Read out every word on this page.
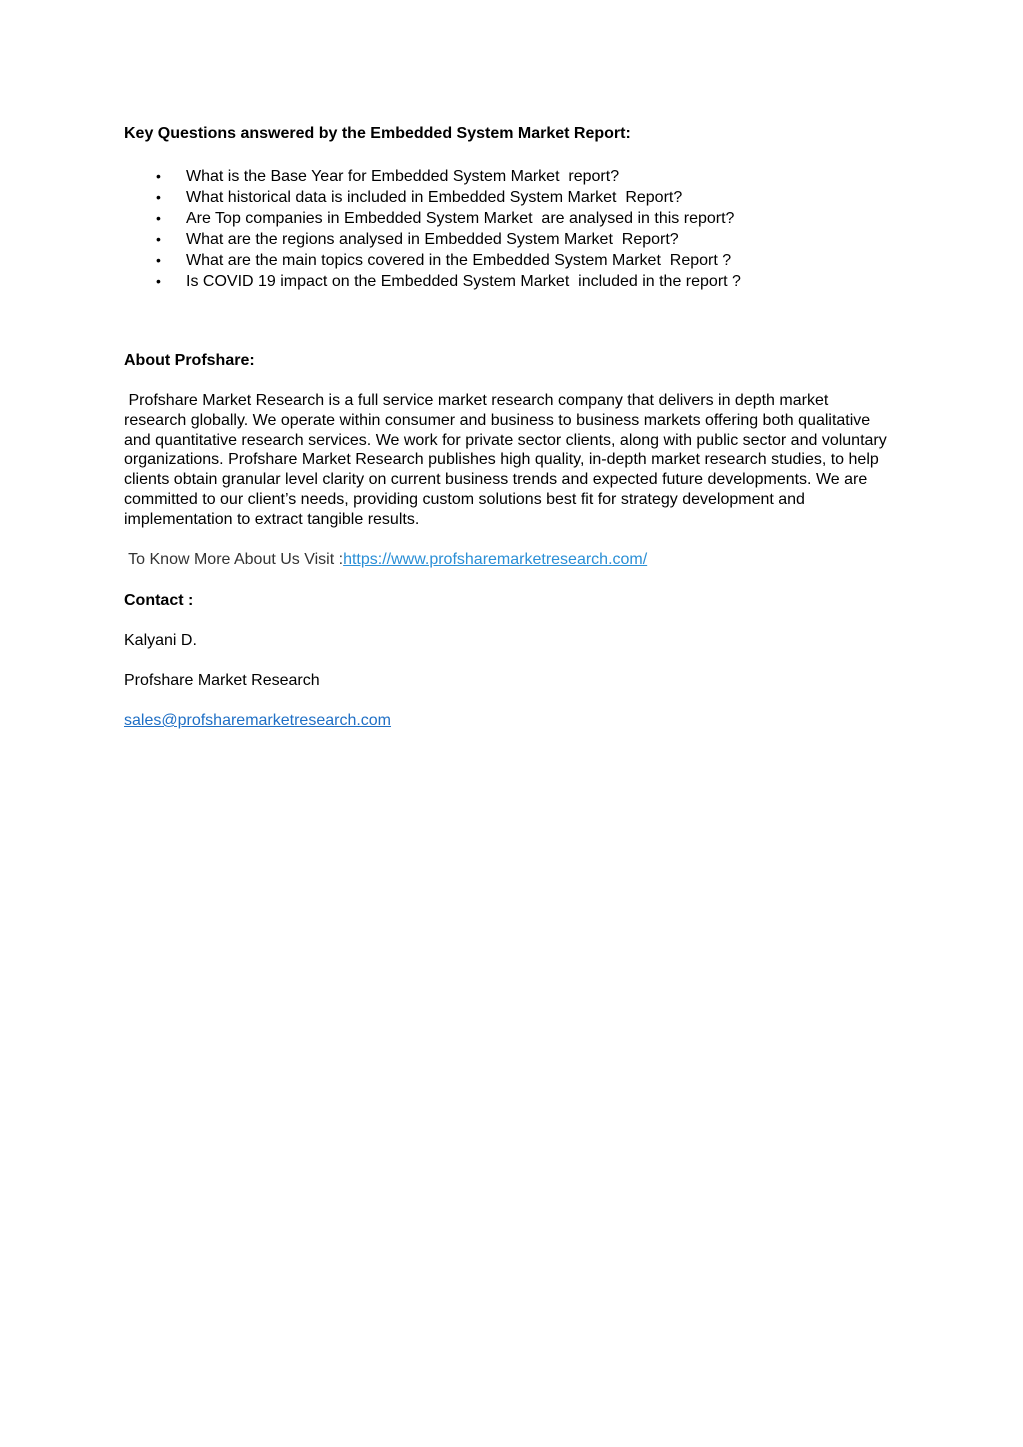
Key Questions answered by the Embedded System Market Report:
• What is the Base Year for Embedded System Market  report?
• What historical data is included in Embedded System Market  Report?
• Are Top companies in Embedded System Market  are analysed in this report?
• What are the regions analysed in Embedded System Market  Report?
• What are the main topics covered in the Embedded System Market  Report ?
• Is COVID 19 impact on the Embedded System Market  included in the report ?
About Profshare:
Profshare Market Research is a full service market research company that delivers in depth market research globally. We operate within consumer and business to business markets offering both qualitative and quantitative research services. We work for private sector clients, along with public sector and voluntary organizations. Profshare Market Research publishes high quality, in-depth market research studies, to help clients obtain granular level clarity on current business trends and expected future developments. We are committed to our client’s needs, providing custom solutions best fit for strategy development and implementation to extract tangible results.
To Know More About Us Visit :https://www.profsharemarketresearch.com/
Contact :
Kalyani D.
Profshare Market Research
sales@profsharemarketresearch.com
